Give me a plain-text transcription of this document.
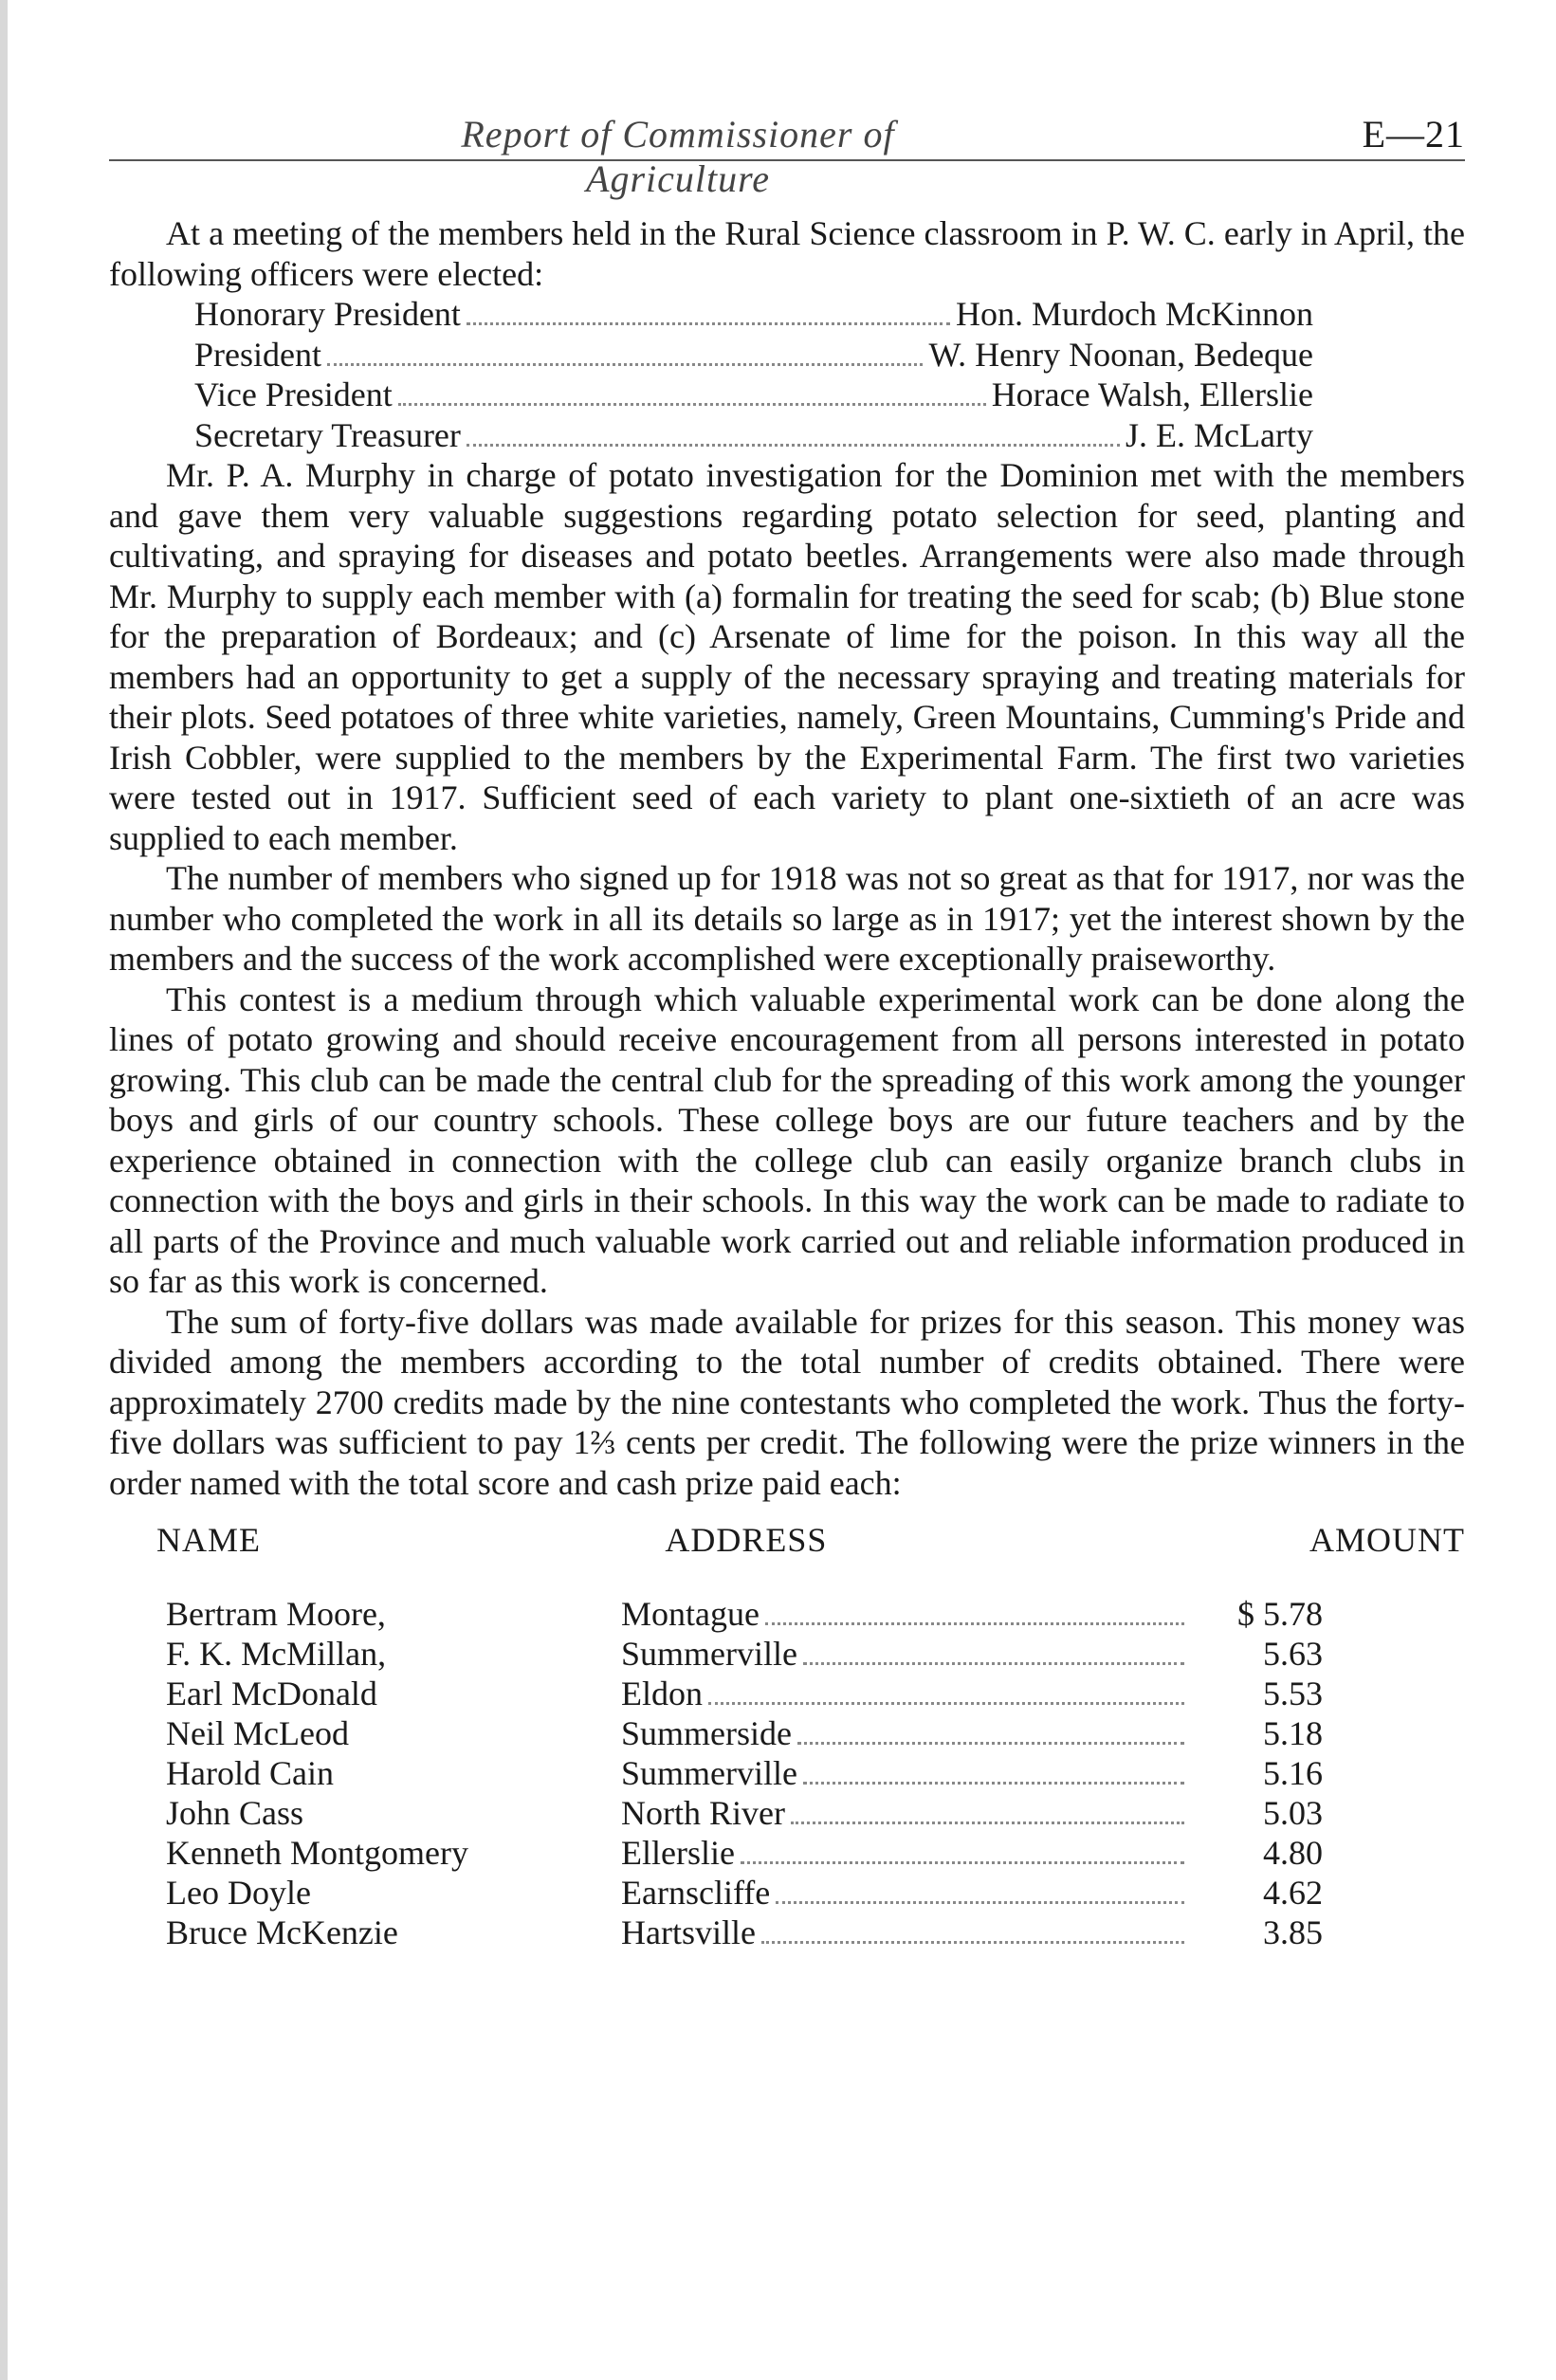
Report of Commissioner of Agriculture
E—21

At a meeting of the members held in the Rural Science classroom in P. W. C. early in April, the following officers were elected:

Honorary President	Hon. Murdoch McKinnon
President	W. Henry Noonan, Bedeque
Vice President	Horace Walsh, Ellerslie
Secretary Treasurer	J. E. McLarty

Mr. P. A. Murphy in charge of potato investigation for the Dominion met with the members and gave them very valuable suggestions regarding potato selection for seed, planting and cultivating, and spraying for diseases and potato beetles. Arrangements were also made through Mr. Murphy to supply each member with (a) formalin for treating the seed for scab; (b) Blue stone for the preparation of Bordeaux; and (c) Arsenate of lime for the poison. In this way all the members had an opportunity to get a supply of the necessary spraying and treating materials for their plots. Seed potatoes of three white varieties, namely, Green Mountains, Cumming's Pride and Irish Cobbler, were supplied to the members by the Experimental Farm. The first two varieties were tested out in 1917. Sufficient seed of each variety to plant one-sixtieth of an acre was supplied to each member.

The number of members who signed up for 1918 was not so great as that for 1917, nor was the number who completed the work in all its details so large as in 1917; yet the interest shown by the members and the success of the work accomplished were exceptionally praiseworthy.

This contest is a medium through which valuable experimental work can be done along the lines of potato growing and should receive encouragement from all persons interested in potato growing. This club can be made the central club for the spreading of this work among the younger boys and girls of our country schools. These college boys are our future teachers and by the experience obtained in connection with the college club can easily organize branch clubs in connection with the boys and girls in their schools. In this way the work can be made to radiate to all parts of the Province and much valuable work carried out and reliable information produced in so far as this work is concerned.

The sum of forty-five dollars was made available for prizes for this season. This money was divided among the members according to the total number of credits obtained. There were approximately 2700 credits made by the nine contestants who completed the work. Thus the forty-five dollars was sufficient to pay 1⅔ cents per credit. The following were the prize winners in the order named with the total score and cash prize paid each:

NAME	ADDRESS	AMOUNT
Bertram Moore,	Montague	$ 5.78
F. K. McMillan,	Summerville	5.63
Earl McDonald	Eldon	5.53
Neil McLeod	Summerside	5.18
Harold Cain	Summerville	5.16
John Cass	North River	5.03
Kenneth Montgomery	Ellerslie	4.80
Leo Doyle	Earnscliffe	4.62
Bruce McKenzie	Hartsville	3.85
